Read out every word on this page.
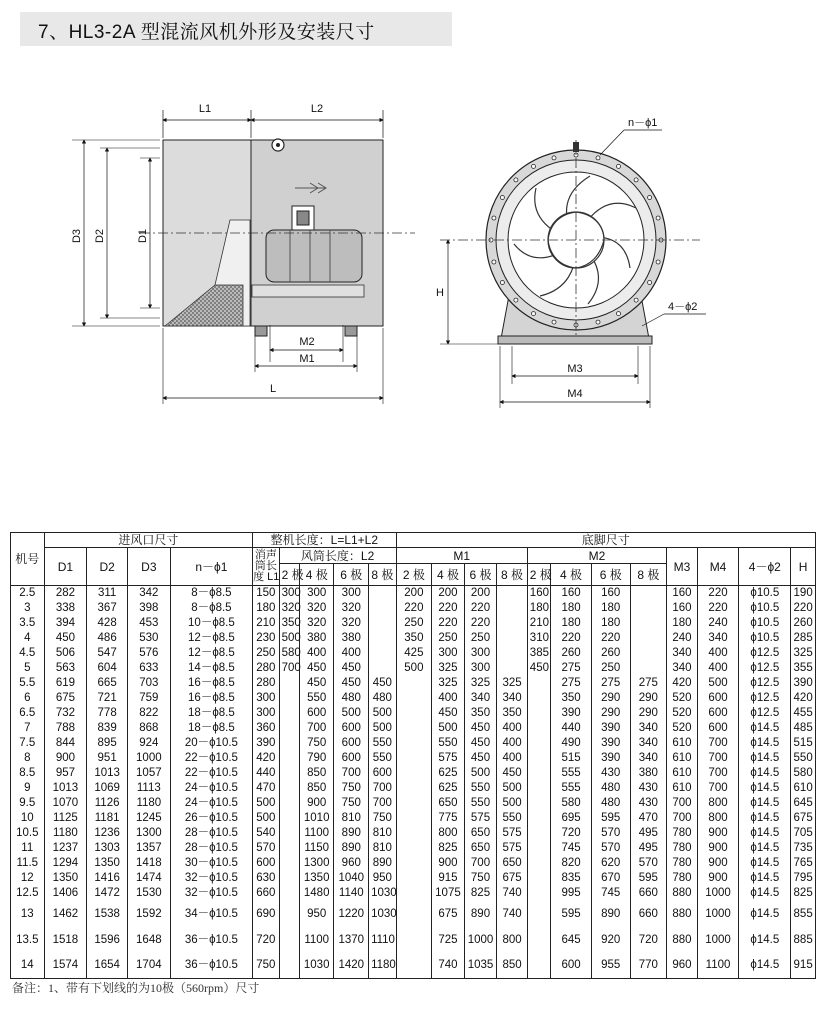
7、HL3-2A 型混流风机外形及安装尺寸
L1	L2
D3 D2	D1
M2
M1
L
n－ϕ1
4－ϕ2
H
M3
M4
机号	进风口尺寸				整机长度：L=L1+L2					底脚尺寸											
	D1	D2	D3	n－ϕ1	消声
筒长
度 L1	风筒长度：L2				M1				M2				M3	M4	4－ϕ2	H
						2 极	4 极	6 极	8 极	2 极	4 极	6 极	8 极	2 极	4 极	6 极	8 极				
2.5	282	311	342	8－ϕ8.5	150	300	300	300		200	200	200		160	160	160		160	220	ϕ10.5	190
3	338	367	398	8－ϕ8.5	180	320	320	320		220	220	220		180	180	180		160	220	ϕ10.5	220
3.5	394	428	453	10－ϕ8.5	210	350	320	320		250	220	220		210	180	180		180	240	ϕ10.5	260
4	450	486	530	12－ϕ8.5	230	500	380	380		350	250	250		310	220	220		240	340	ϕ10.5	285
4.5	506	547	576	12－ϕ8.5	250	580	400	400		425	300	300		385	260	260		340	400	ϕ12.5	325
5	563	604	633	14－ϕ8.5	280	700	450	450		500	325	300		450	275	250		340	400	ϕ12.5	355
5.5	619	665	703	16－ϕ8.5	280		450	450	450		325	325	325		275	275	275	420	500	ϕ12.5	390
6	675	721	759	16－ϕ8.5	300		550	480	480		400	340	340		350	290	290	520	600	ϕ12.5	420
6.5	732	778	822	18－ϕ8.5	300		600	500	500		450	350	350		390	290	290	520	600	ϕ12.5	455
7	788	839	868	18－ϕ8.5	360		700	600	500		500	450	400		440	390	340	520	600	ϕ14.5	485
7.5	844	895	924	20－ϕ10.5	390		750	600	550		550	450	400		490	390	340	610	700	ϕ14.5	515
8	900	951	1000	22－ϕ10.5	420		790	600	550		575	450	400		515	390	340	610	700	ϕ14.5	550
8.5	957	1013	1057	22－ϕ10.5	440		850	700	600		625	500	450		555	430	380	610	700	ϕ14.5	580
9	1013	1069	1113	24－ϕ10.5	470		850	750	700		625	550	500		555	480	430	610	700	ϕ14.5	610
9.5	1070	1126	1180	24－ϕ10.5	500		900	750	700		650	550	500		580	480	430	700	800	ϕ14.5	645
10	1125	1181	1245	26－ϕ10.5	500		1010	810	750		775	575	550		695	595	470	700	800	ϕ14.5	675
10.5	1180	1236	1300	28－ϕ10.5	540		1100	890	810		800	650	575		720	570	495	780	900	ϕ14.5	705
11	1237	1303	1357	28－ϕ10.5	570		1150	890	810		825	650	575		745	570	495	780	900	ϕ14.5	735
11.5	1294	1350	1418	30－ϕ10.5	600		1300	960	890		900	700	650		820	620	570	780	900	ϕ14.5	765
12	1350	1416	1474	32－ϕ10.5	630		1350	1040	950		915	750	675		835	670	595	780	900	ϕ14.5	795
12.5	1406	1472	1530	32－ϕ10.5	660		1480	1140	1030		1075	825	740		995	745	660	880	1000	ϕ14.5	825
13	1462	1538	1592	34－ϕ10.5	690		950	1220	1030		675	890	740		595	890	660	880	1000	ϕ14.5	855
13.5	1518	1596	1648	36－ϕ10.5	720		1100	1370	1110		725	1000	800		645	920	720	880	1000	ϕ14.5	885
14	1574	1654	1704	36－ϕ10.5	750		1030	1420	1180		740	1035	850		600	955	770	960	1100	ϕ14.5	915
备注：1、带有下划线的为10极（560rpm）尺寸
